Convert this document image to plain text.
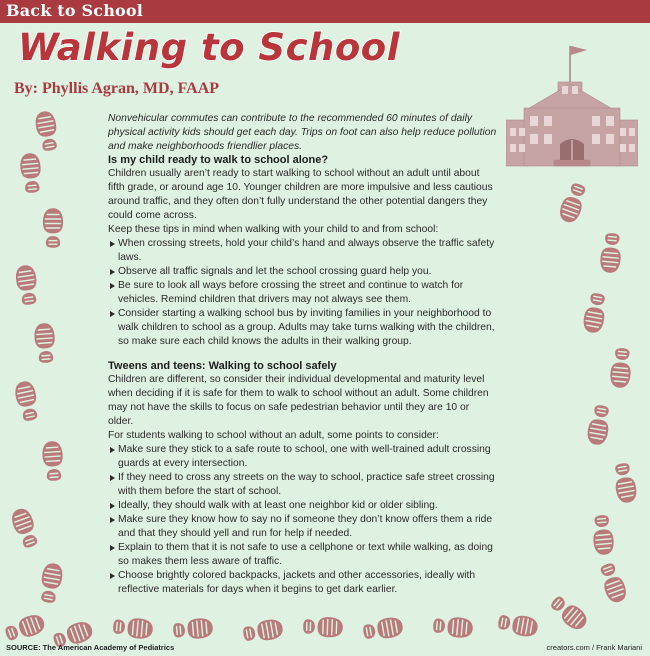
Back to School
Walking to School
By: Phyllis Agran, MD, FAAP
Nonvehicular commutes can contribute to the recommended 60 minutes of daily physical activity kids should get each day. Trips on foot can also help reduce pollution and make neighborhoods friendlier places.
Is my child ready to walk to school alone?

Children usually aren’t ready to start walking to school without an adult until about fifth grade, or around age 10. Younger children are more impulsive and less cautious around traffic, and they often don’t fully understand the other potential dangers they could come across.

Keep these tips in mind when walking with your child to and from school:

When crossing streets, hold your child’s hand and always observe the traffic safety laws.
Observe all traffic signals and let the school crossing guard help you.
Be sure to look all ways before crossing the street and continue to watch for vehicles. Remind children that drivers may not always see them.
Consider starting a walking school bus by inviting families in your neighborhood to walk children to school as a group. Adults may take turns walking with the children, so make sure each child knows the adults in their walking group.
Tweens and teens: Walking to school safely

Children are different, so consider their individual developmental and maturity level when deciding if it is safe for them to walk to school without an adult. Some children may not have the skills to focus on safe pedestrian behavior until they are 10 or older.

For students walking to school without an adult, some points to consider:

Make sure they stick to a safe route to school, one with well-trained adult crossing guards at every intersection.
If they need to cross any streets on the way to school, practice safe street crossing with them before the start of school.
Ideally, they should walk with at least one neighbor kid or older sibling.
Make sure they know how to say no if someone they don’t know offers them a ride and that they should yell and run for help if needed.
Explain to them that it is not safe to use a cellphone or text while walking, as doing so makes them less aware of traffic.
Choose brightly colored backpacks, jackets and other accessories, ideally with reflective materials for days when it begins to get dark earlier.
SOURCE: The American Academy of Pediatrics	creators.com / Frank Mariani
